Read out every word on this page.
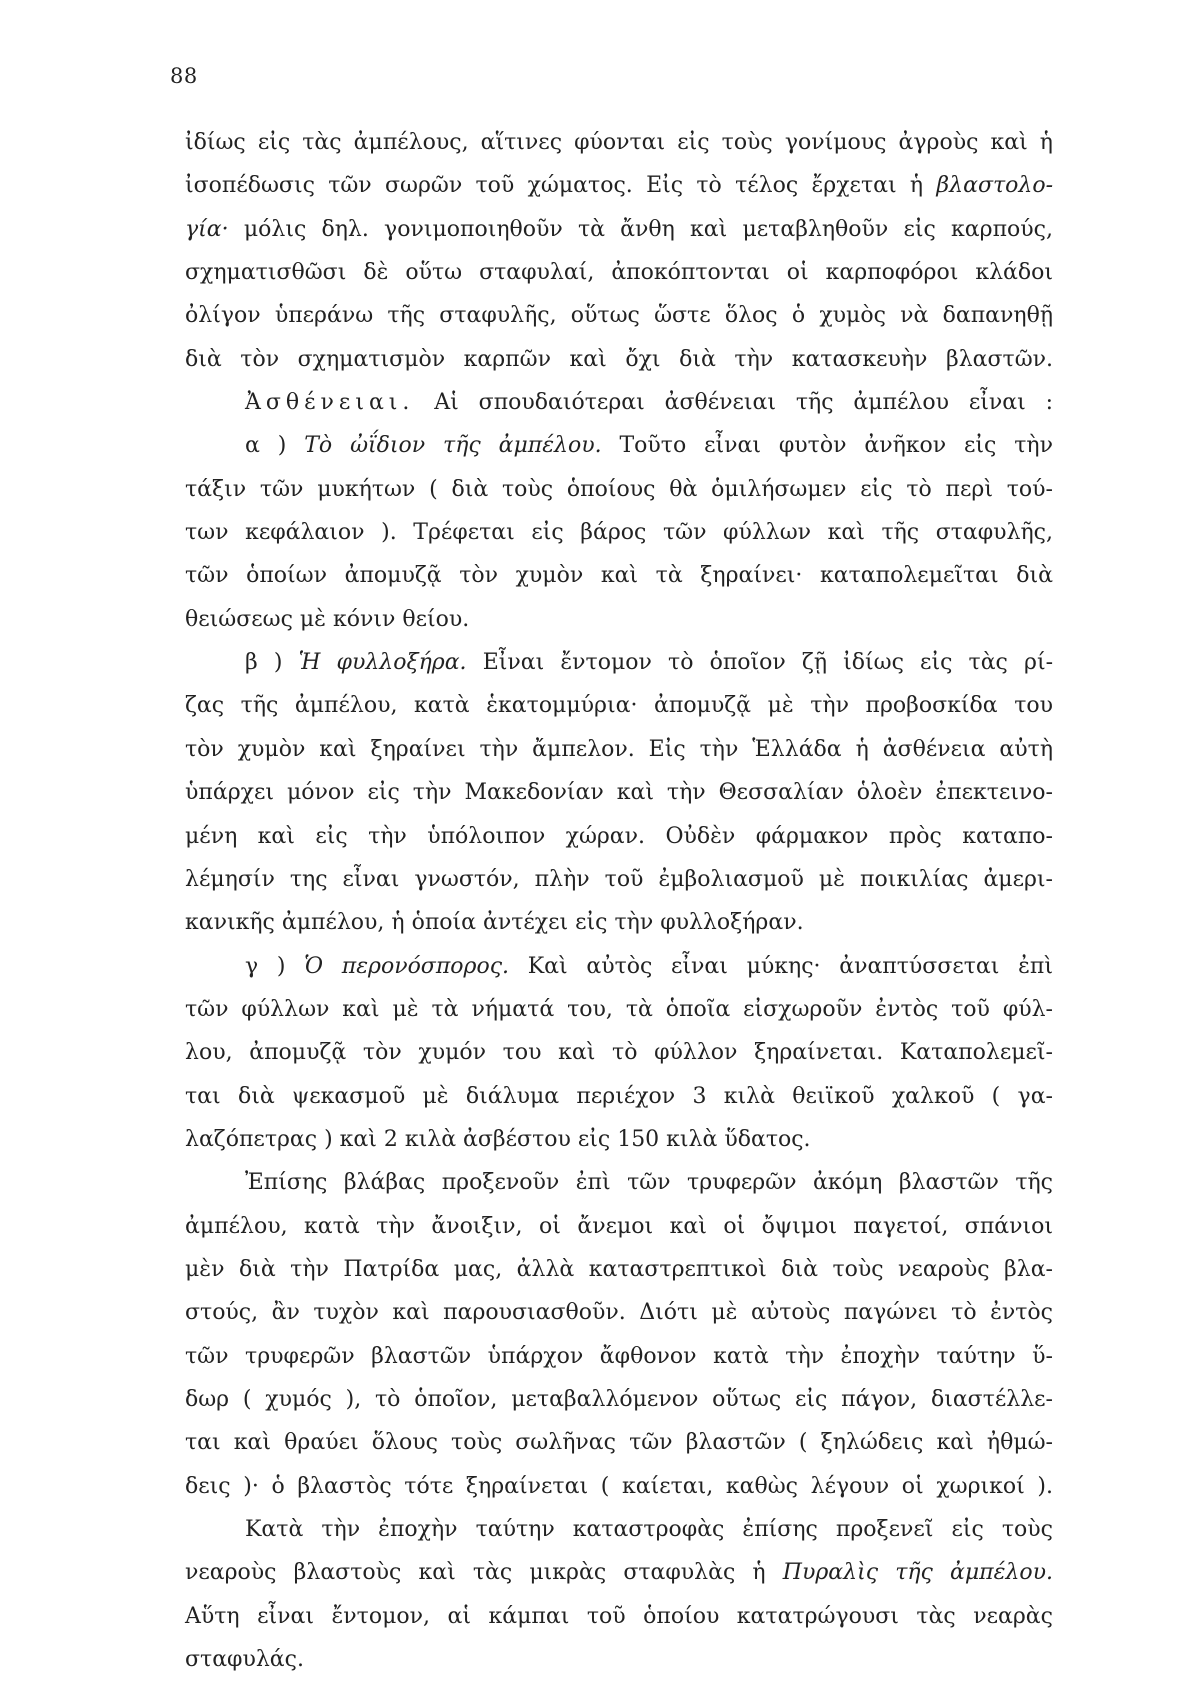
88
ἰδίως εἰς τὰς ἀμπέλους, αἵτινες φύονται εἰς τοὺς γονίμους ἀγροὺς καὶ ἡ
ἰσοπέδωσις τῶν σωρῶν τοῦ χώματος. Εἰς τὸ τέλος ἔρχεται ἡ βλαστολο-
γία· μόλις δηλ. γονιμοποιηθοῦν τὰ ἄνθη καὶ μεταβληθοῦν εἰς καρπούς,
σχηματισθῶσι δὲ οὕτω σταφυλαί, ἀποκόπτονται οἱ καρποφόροι κλάδοι
ὀλίγον ὑπεράνω τῆς σταφυλῆς, οὕτως ὥστε ὅλος ὁ χυμὸς νὰ δαπανηθῇ
διὰ τὸν σχηματισμὸν καρπῶν καὶ ὄχι διὰ τὴν κατασκευὴν βλαστῶν.
Ἀσθένειαι. Αἱ σπουδαιότεραι ἀσθένειαι τῆς ἀμπέλου εἶναι :
α ) Τὸ ὠΐδιον τῆς ἀμπέλου. Τοῦτο εἶναι φυτὸν ἀνῆκον εἰς τὴν
τάξιν τῶν μυκήτων ( διὰ τοὺς ὁποίους θὰ ὁμιλήσωμεν εἰς τὸ περὶ τού-
των κεφάλαιον ). Τρέφεται εἰς βάρος τῶν φύλλων καὶ τῆς σταφυλῆς,
τῶν ὁποίων ἀπομυζᾷ τὸν χυμὸν καὶ τὰ ξηραίνει· καταπολεμεῖται διὰ
θειώσεως μὲ κόνιν θείου.
β ) Ἡ φυλλοξήρα. Εἶναι ἔντομον τὸ ὁποῖον ζῇ ἰδίως εἰς τὰς ρί-
ζας τῆς ἀμπέλου, κατὰ ἑκατομμύρια· ἀπομυζᾷ μὲ τὴν προβοσκίδα του
τὸν χυμὸν καὶ ξηραίνει τὴν ἄμπελον. Εἰς τὴν Ἑλλάδα ἡ ἀσθένεια αὐτὴ
ὑπάρχει μόνον εἰς τὴν Μακεδονίαν καὶ τὴν Θεσσαλίαν ὁλοὲν ἐπεκτεινο-
μένη καὶ εἰς τὴν ὑπόλοιπον χώραν. Οὐδὲν φάρμακον πρὸς καταπο-
λέμησίν της εἶναι γνωστόν, πλὴν τοῦ ἐμβολιασμοῦ μὲ ποικιλίας ἀμερι-
κανικῆς ἀμπέλου, ἡ ὁποία ἀντέχει εἰς τὴν φυλλοξήραν.
γ ) Ὁ περονόσπορος. Καὶ αὐτὸς εἶναι μύκης· ἀναπτύσσεται ἐπὶ
τῶν φύλλων καὶ μὲ τὰ νήματά του, τὰ ὁποῖα εἰσχωροῦν ἐντὸς τοῦ φύλ-
λου, ἀπομυζᾷ τὸν χυμόν του καὶ τὸ φύλλον ξηραίνεται. Καταπολεμεῖ-
ται διὰ ψεκασμοῦ μὲ διάλυμα περιέχον 3 κιλὰ θειϊκοῦ χαλκοῦ ( γα-
λαζόπετρας ) καὶ 2 κιλὰ ἀσβέστου εἰς 150 κιλὰ ὕδατος.
Ἐπίσης βλάβας προξενοῦν ἐπὶ τῶν τρυφερῶν ἀκόμη βλαστῶν τῆς
ἀμπέλου, κατὰ τὴν ἄνοιξιν, οἱ ἄνεμοι καὶ οἱ ὄψιμοι παγετοί, σπάνιοι
μὲν διὰ τὴν Πατρίδα μας, ἀλλὰ καταστρεπτικοὶ διὰ τοὺς νεαροὺς βλα-
στούς, ἂν τυχὸν καὶ παρουσιασθοῦν. Διότι μὲ αὐτοὺς παγώνει τὸ ἐντὸς
τῶν τρυφερῶν βλαστῶν ὑπάρχον ἄφθονον κατὰ τὴν ἐποχὴν ταύτην ὕ-
δωρ ( χυμός ), τὸ ὁποῖον, μεταβαλλόμενον οὕτως εἰς πάγον, διαστέλλε-
ται καὶ θραύει ὅλους τοὺς σωλῆνας τῶν βλαστῶν ( ξηλώδεις καὶ ἠθμώ-
δεις )· ὁ βλαστὸς τότε ξηραίνεται ( καίεται, καθὼς λέγουν οἱ χωρικοί ).
Κατὰ τὴν ἐποχὴν ταύτην καταστροφὰς ἐπίσης προξενεῖ εἰς τοὺς
νεαροὺς βλαστοὺς καὶ τὰς μικρὰς σταφυλὰς ἡ Πυραλὶς τῆς ἀμπέλου.
Αὕτη εἶναι ἔντομον, αἱ κάμπαι τοῦ ὁποίου κατατρώγουσι τὰς νεαρὰς
σταφυλάς.
